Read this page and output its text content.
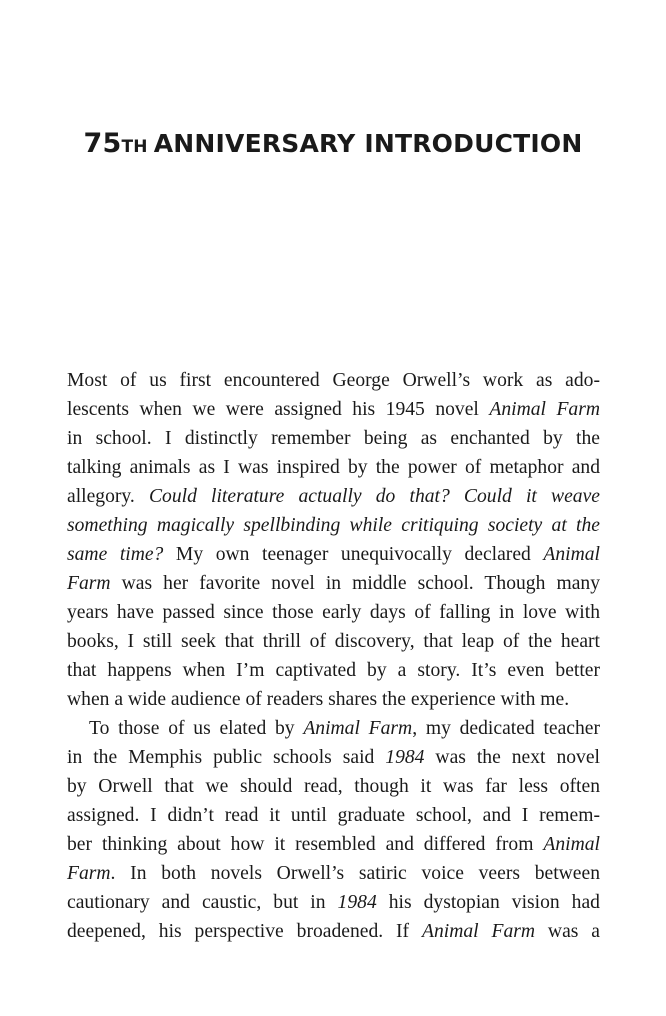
75TH ANNIVERSARY INTRODUCTION
Most of us first encountered George Orwell’s work as ado-
lescents when we were assigned his 1945 novel Animal Farm
in school. I distinctly remember being as enchanted by the
talking animals as I was inspired by the power of metaphor and
allegory. Could literature actually do that? Could it weave
something magically spellbinding while critiquing society at the
same time? My own teenager unequivocally declared Animal
Farm was her favorite novel in middle school. Though many
years have passed since those early days of falling in love with
books, I still seek that thrill of discovery, that leap of the heart
that happens when I’m captivated by a story. It’s even better
when a wide audience of readers shares the experience with me.
To those of us elated by Animal Farm, my dedicated teacher
in the Memphis public schools said 1984 was the next novel
by Orwell that we should read, though it was far less often
assigned. I didn’t read it until graduate school, and I remem-
ber thinking about how it resembled and differed from Animal
Farm. In both novels Orwell’s satiric voice veers between
cautionary and caustic, but in 1984 his dystopian vision had
deepened, his perspective broadened. If Animal Farm was a
